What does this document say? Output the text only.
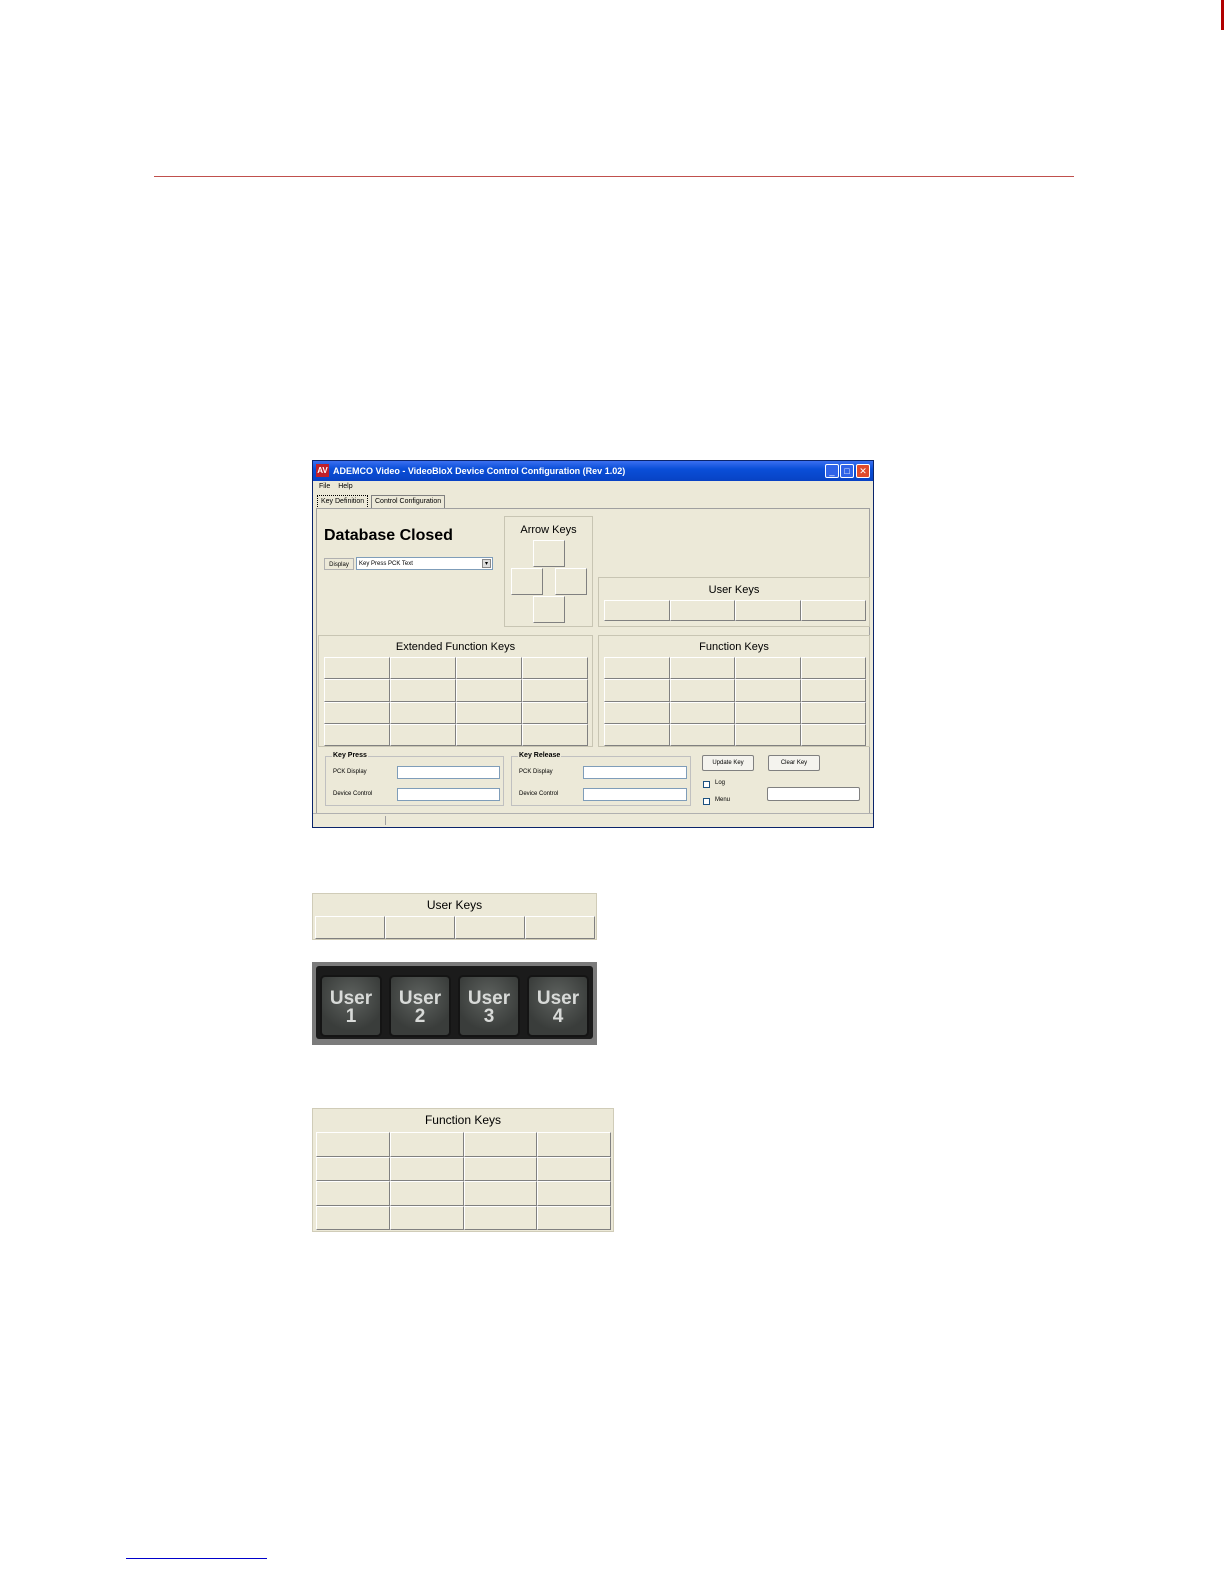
AV ADEMCO Video - VideoBloX Device Control Configuration (Rev 1.02)	_	□	✕
File Help
Key Definition	Control Configuration
Database Closed
Display	Key Press PCK Text	▾
Arrow Keys
User Keys
Extended Function Keys	Function Keys
Key Press
PCK Display
Device Control
Key Release
PCK Display
Device Control
Update Key	Clear Key
Log
Menu
User Keys
User
1
User
2
User
3
User
4
Function Keys
